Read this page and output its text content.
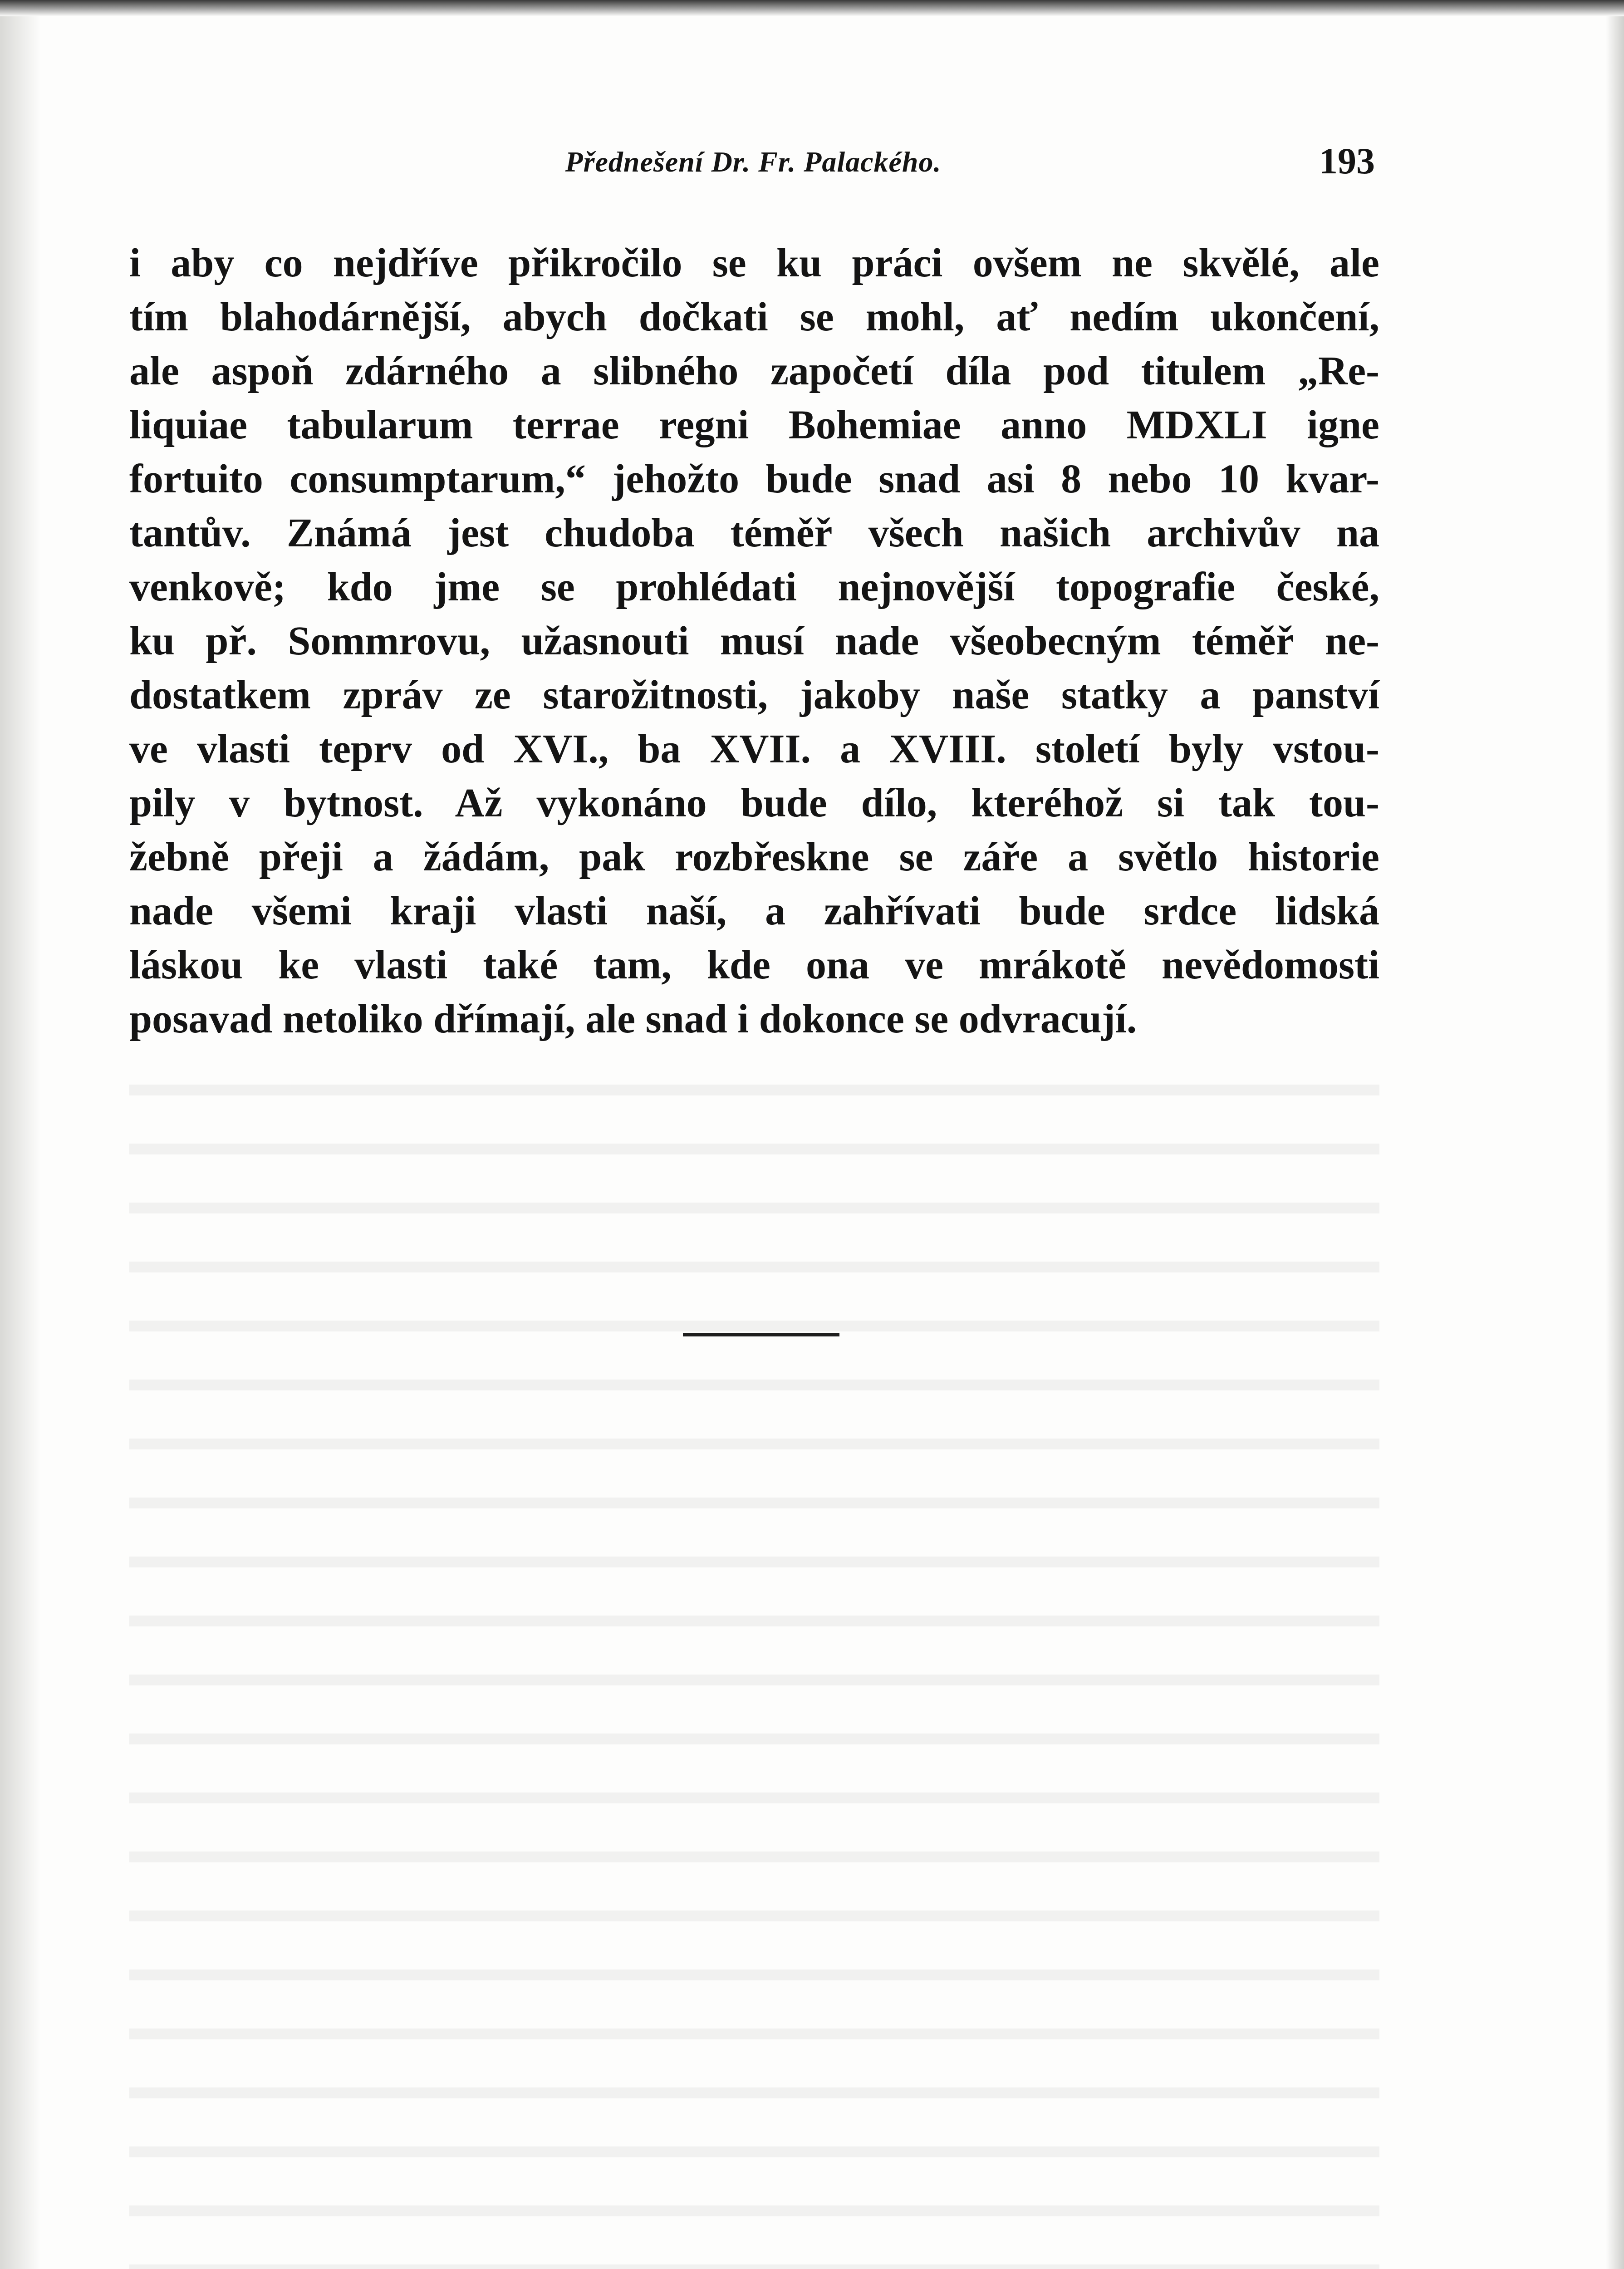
Přednešení Dr. Fr. Palackého.	193
i aby co nejdříve přikročilo se ku práci ovšem ne skvělé, ale
tím blahodárnější, abych dočkati se mohl, ať nedím ukončení,
ale aspoň zdárného a slibného započetí díla pod titulem „Re-
liquiae tabularum terrae regni Bohemiae anno MDXLI igne
fortuito consumptarum,“ jehožto bude snad asi 8 nebo 10 kvar-
tantův. Známá jest chudoba téměř všech našich archivův na
venkově; kdo jme se prohlédati nejnovější topografie české,
ku př. Sommrovu, užasnouti musí nade všeobecným téměř ne-
dostatkem zpráv ze starožitnosti, jakoby naše statky a panství
ve vlasti teprv od XVI., ba XVII. a XVIII. století byly vstou-
pily v bytnost. Až vykonáno bude dílo, kteréhož si tak tou-
žebně přeji a žádám, pak rozbřeskne se záře a světlo historie
nade všemi kraji vlasti naší, a zahřívati bude srdce lidská
láskou ke vlasti také tam, kde ona ve mrákotě nevědomosti
posavad netoliko dřímají, ale snad i dokonce se odvracují.
